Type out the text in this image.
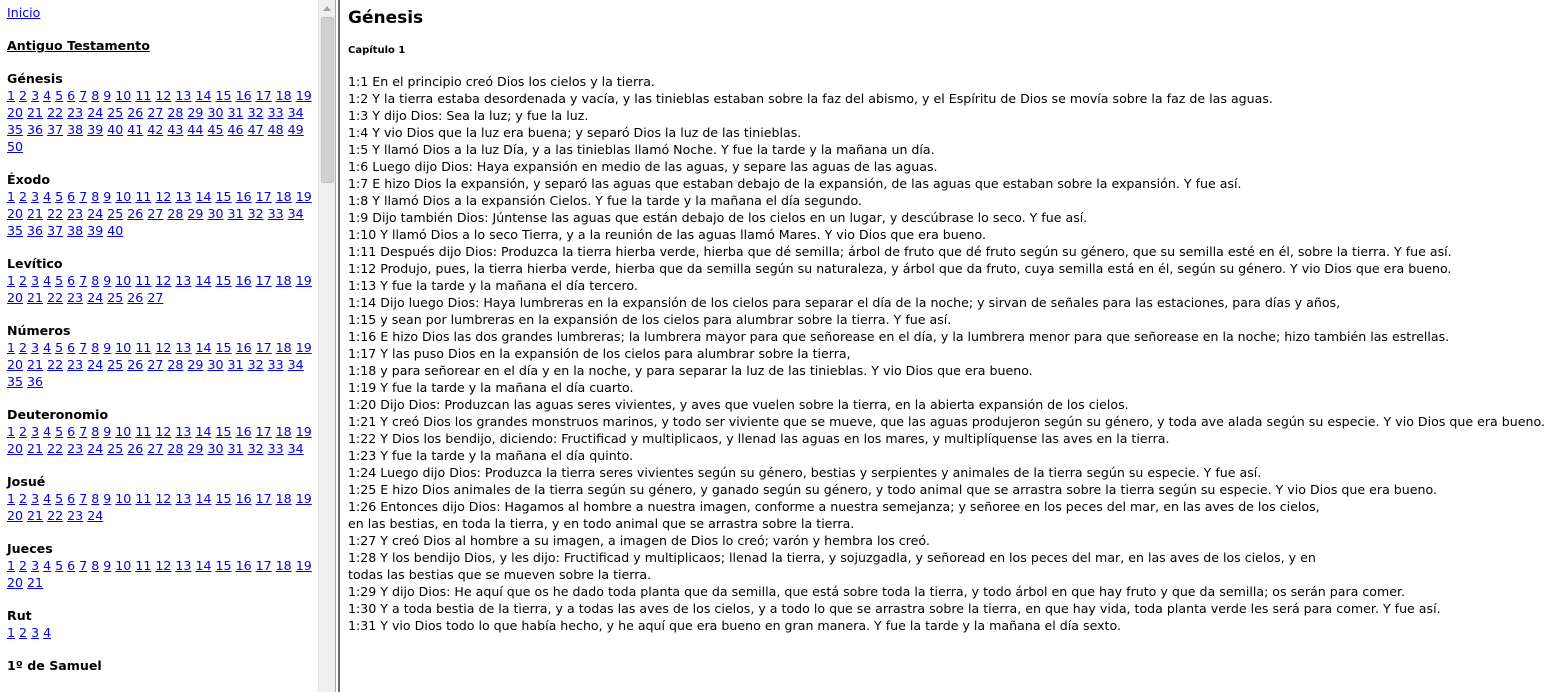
Inicio
Antiguo Testamento
Génesis
1 2 3 4 5 6 7 8 9 10 11 12 13 14 15 16 17 18 19 20 21 22 23 24 25 26 27 28 29 30 31 32 33 34 35 36 37 38 39 40 41 42 43 44 45 46 47 48 49 50
Éxodo
1 2 3 4 5 6 7 8 9 10 11 12 13 14 15 16 17 18 19 20 21 22 23 24 25 26 27 28 29 30 31 32 33 34 35 36 37 38 39 40
Levítico
1 2 3 4 5 6 7 8 9 10 11 12 13 14 15 16 17 18 19 20 21 22 23 24 25 26 27
Números
1 2 3 4 5 6 7 8 9 10 11 12 13 14 15 16 17 18 19 20 21 22 23 24 25 26 27 28 29 30 31 32 33 34 35 36
Deuteronomio
1 2 3 4 5 6 7 8 9 10 11 12 13 14 15 16 17 18 19 20 21 22 23 24 25 26 27 28 29 30 31 32 33 34
Josué
1 2 3 4 5 6 7 8 9 10 11 12 13 14 15 16 17 18 19 20 21 22 23 24
Jueces
1 2 3 4 5 6 7 8 9 10 11 12 13 14 15 16 17 18 19 20 21
Rut
1 2 3 4
1º de Samuel
Génesis
Capítulo 1
1:1 En el principio creó Dios los cielos y la tierra.
1:2 Y la tierra estaba desordenada y vacía, y las tinieblas estaban sobre la faz del abismo, y el Espíritu de Dios se movía sobre la faz de las aguas.
1:3 Y dijo Dios: Sea la luz; y fue la luz.
1:4 Y vio Dios que la luz era buena; y separó Dios la luz de las tinieblas.
1:5 Y llamó Dios a la luz Día, y a las tinieblas llamó Noche. Y fue la tarde y la mañana un día.
1:6 Luego dijo Dios: Haya expansión en medio de las aguas, y separe las aguas de las aguas.
1:7 E hizo Dios la expansión, y separó las aguas que estaban debajo de la expansión, de las aguas que estaban sobre la expansión. Y fue así.
1:8 Y llamó Dios a la expansión Cielos. Y fue la tarde y la mañana el día segundo.
1:9 Dijo también Dios: Júntense las aguas que están debajo de los cielos en un lugar, y descúbrase lo seco. Y fue así.
1:10 Y llamó Dios a lo seco Tierra, y a la reunión de las aguas llamó Mares. Y vio Dios que era bueno.
1:11 Después dijo Dios: Produzca la tierra hierba verde, hierba que dé semilla; árbol de fruto que dé fruto según su género, que su semilla esté en él, sobre la tierra. Y fue así.
1:12 Produjo, pues, la tierra hierba verde, hierba que da semilla según su naturaleza, y árbol que da fruto, cuya semilla está en él, según su género. Y vio Dios que era bueno.
1:13 Y fue la tarde y la mañana el día tercero.
1:14 Dijo luego Dios: Haya lumbreras en la expansión de los cielos para separar el día de la noche; y sirvan de señales para las estaciones, para días y años,
1:15 y sean por lumbreras en la expansión de los cielos para alumbrar sobre la tierra. Y fue así.
1:16 E hizo Dios las dos grandes lumbreras; la lumbrera mayor para que señorease en el día, y la lumbrera menor para que señorease en la noche; hizo también las estrellas.
1:17 Y las puso Dios en la expansión de los cielos para alumbrar sobre la tierra,
1:18 y para señorear en el día y en la noche, y para separar la luz de las tinieblas. Y vio Dios que era bueno.
1:19 Y fue la tarde y la mañana el día cuarto.
1:20 Dijo Dios: Produzcan las aguas seres vivientes, y aves que vuelen sobre la tierra, en la abierta expansión de los cielos.
1:21 Y creó Dios los grandes monstruos marinos, y todo ser viviente que se mueve, que las aguas produjeron según su género, y toda ave alada según su especie. Y vio Dios que era bueno.
1:22 Y Dios los bendijo, diciendo: Fructificad y multiplicaos, y llenad las aguas en los mares, y multiplíquense las aves en la tierra.
1:23 Y fue la tarde y la mañana el día quinto.
1:24 Luego dijo Dios: Produzca la tierra seres vivientes según su género, bestias y serpientes y animales de la tierra según su especie. Y fue así.
1:25 E hizo Dios animales de la tierra según su género, y ganado según su género, y todo animal que se arrastra sobre la tierra según su especie. Y vio Dios que era bueno.
1:26 Entonces dijo Dios: Hagamos al hombre a nuestra imagen, conforme a nuestra semejanza; y señoree en los peces del mar, en las aves de los cielos, en las bestias, en toda la tierra, y en todo animal que se arrastra sobre la tierra.
1:27 Y creó Dios al hombre a su imagen, a imagen de Dios lo creó; varón y hembra los creó.
1:28 Y los bendijo Dios, y les dijo: Fructificad y multiplicaos; llenad la tierra, y sojuzgadla, y señoread en los peces del mar, en las aves de los cielos, y en todas las bestias que se mueven sobre la tierra.
1:29 Y dijo Dios: He aquí que os he dado toda planta que da semilla, que está sobre toda la tierra, y todo árbol en que hay fruto y que da semilla; os serán para comer.
1:30 Y a toda bestia de la tierra, y a todas las aves de los cielos, y a todo lo que se arrastra sobre la tierra, en que hay vida, toda planta verde les será para comer. Y fue así.
1:31 Y vio Dios todo lo que había hecho, y he aquí que era bueno en gran manera. Y fue la tarde y la mañana el día sexto.
